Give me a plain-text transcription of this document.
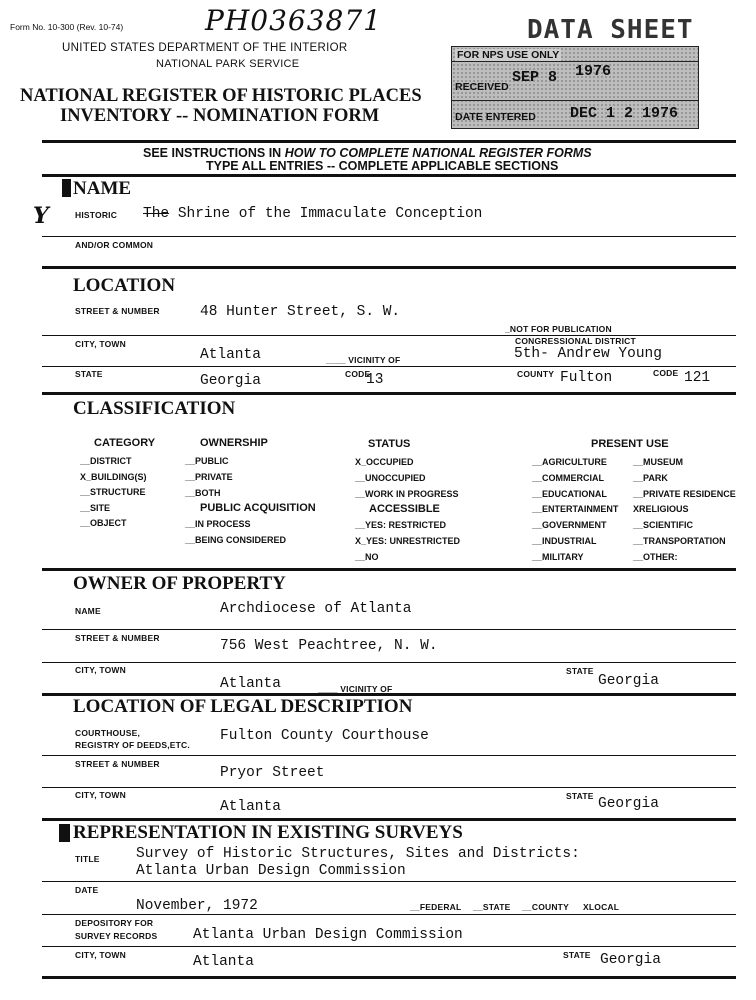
Form No. 10-300 (Rev. 10-74)	PH0363871
UNITED STATES DEPARTMENT OF THE INTERIOR
NATIONAL PARK SERVICE
NATIONAL REGISTER OF HISTORIC PLACES
INVENTORY -- NOMINATION FORM
DATA SHEET
FOR NPS USE ONLY
RECEIVED
SEP 8 1976
DATE ENTERED DEC 1 2 1976
SEE INSTRUCTIONS IN HOW TO COMPLETE NATIONAL REGISTER FORMS
TYPE ALL ENTRIES -- COMPLETE APPLICABLE SECTIONS
NAME
Y	HISTORIC The Shrine of the Immaculate Conception
AND/OR COMMON
LOCATION
STREET & NUMBER	48 Hunter Street, S. W.
_NOT FOR PUBLICATION
CITY, TOWN	CONGRESSIONAL DISTRICT
Atlanta	____ VICINITY OF	5th- Andrew Young
STATE	Georgia	CODE
13	COUNTY Fulton	CODE 121
CLASSIFICATION
CATEGORY
__DISTRICT
X_BUILDING(S)
__STRUCTURE
__SITE
__OBJECT
OWNERSHIP
__PUBLIC
__PRIVATE
__BOTH
PUBLIC ACQUISITION
__IN PROCESS
__BEING CONSIDERED
STATUS
X_OCCUPIED
__UNOCCUPIED
__WORK IN PROGRESS
ACCESSIBLE
__YES: RESTRICTED
X_YES: UNRESTRICTED
__NO
PRESENT USE
__AGRICULTURE
__COMMERCIAL
__EDUCATIONAL
__ENTERTAINMENT
__GOVERNMENT
__INDUSTRIAL
__MILITARY
__MUSEUM
__PARK
__PRIVATE RESIDENCE
XRELIGIOUS
__SCIENTIFIC
__TRANSPORTATION
__OTHER:
OWNER OF PROPERTY
NAME	Archdiocese of Atlanta
STREET & NUMBER	756 West Peachtree, N. W.
CITY, TOWN
Atlanta	____ VICINITY OF
STATE
Georgia
LOCATION OF LEGAL DESCRIPTION
COURTHOUSE,
REGISTRY OF DEEDS,ETC.
Fulton County Courthouse
STREET & NUMBER
Pryor Street
CITY, TOWN
Atlanta
STATE Georgia
REPRESENTATION IN EXISTING SURVEYS
TITLE	Survey of Historic Structures, Sites and Districts:
Atlanta Urban Design Commission
DATE
November, 1972	__FEDERAL __STATE __COUNTY XLOCAL
DEPOSITORY FOR
SURVEY RECORDS Atlanta Urban Design Commission
CITY, TOWN	Atlanta	STATE Georgia
